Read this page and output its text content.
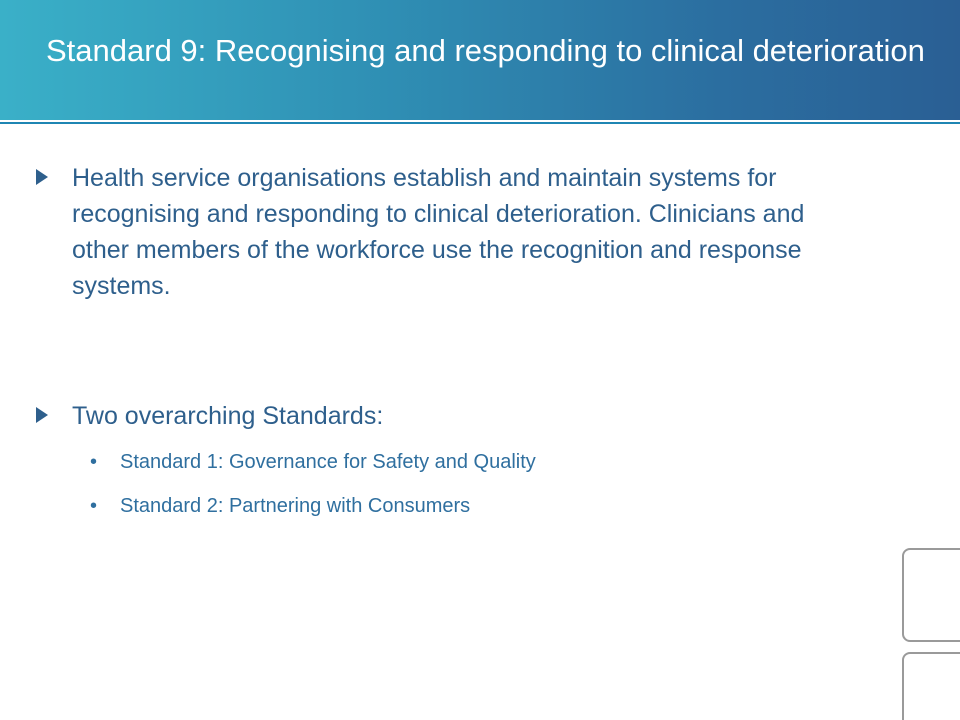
Standard 9: Recognising and responding to clinical deterioration
Health service organisations establish and maintain systems for recognising and responding to clinical deterioration. Clinicians and other members of the workforce use the recognition and response systems.
Two overarching Standards:
• Standard 1: Governance for Safety and Quality
• Standard 2: Partnering with Consumers
